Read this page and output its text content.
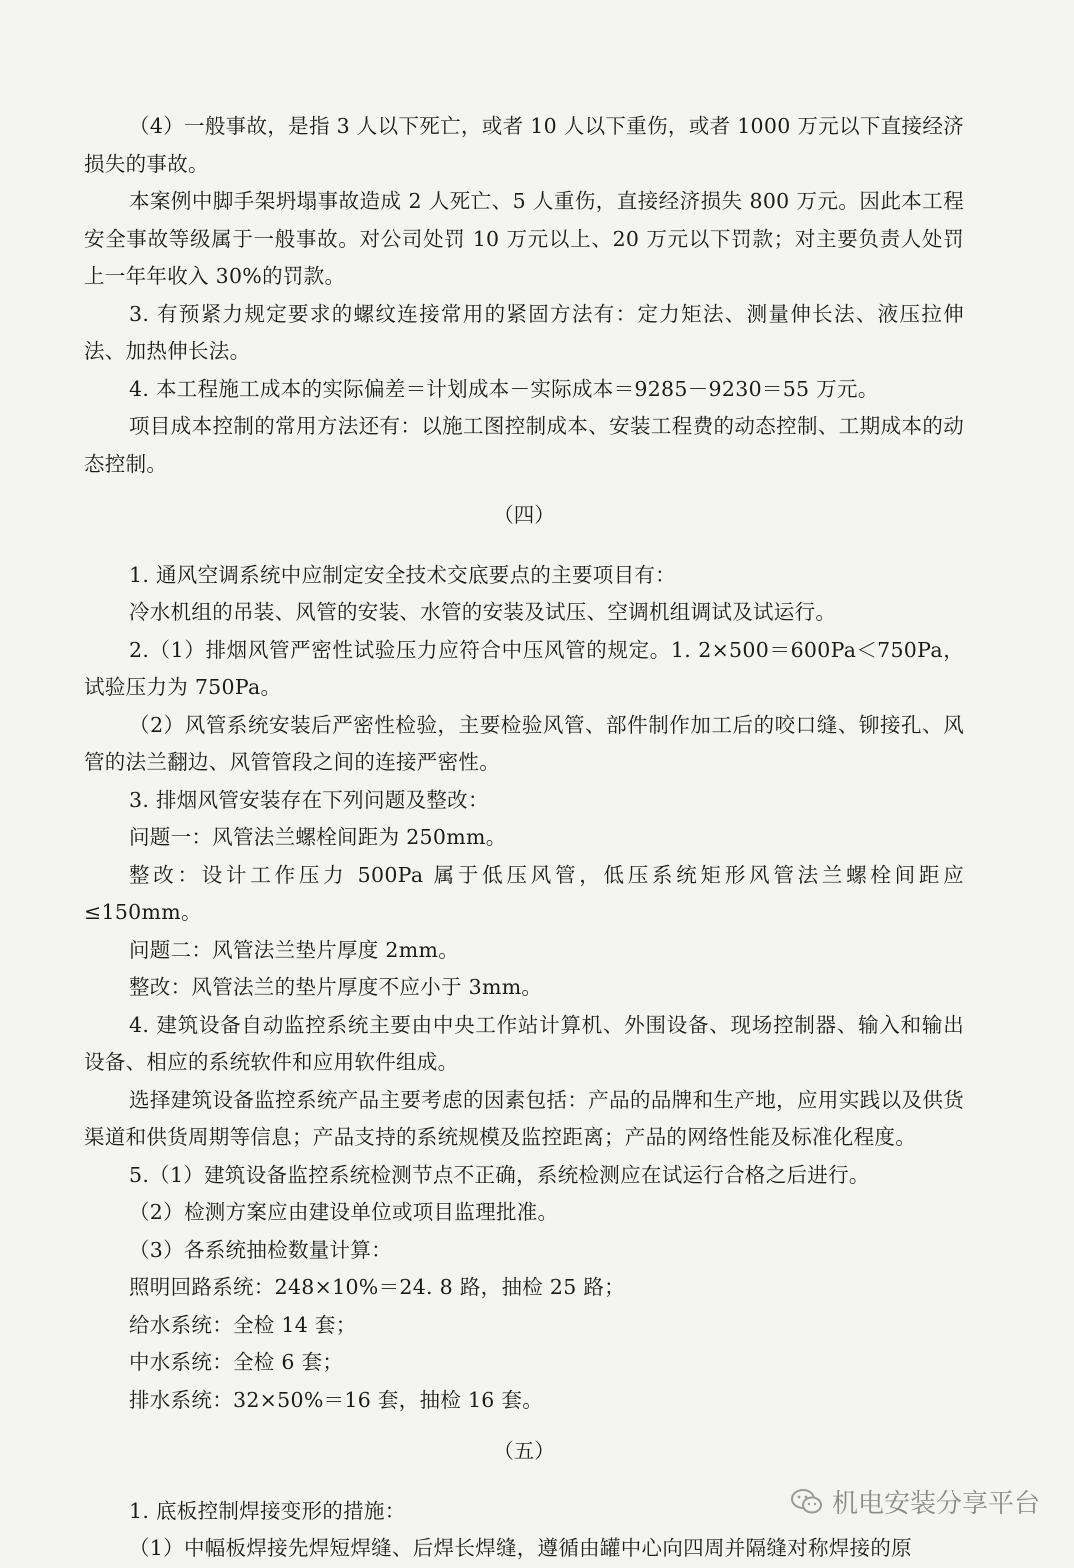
（4）一般事故，是指 3 人以下死亡，或者 10 人以下重伤，或者 1000 万元以下直接经济损失的事故。

本案例中脚手架坍塌事故造成 2 人死亡、5 人重伤，直接经济损失 800 万元。因此本工程安全事故等级属于一般事故。对公司处罚 10 万元以上、20 万元以下罚款；对主要负责人处罚上一年年收入 30%的罚款。

3. 有预紧力规定要求的螺纹连接常用的紧固方法有：定力矩法、测量伸长法、液压拉伸法、加热伸长法。

4. 本工程施工成本的实际偏差＝计划成本－实际成本＝9285－9230＝55 万元。

项目成本控制的常用方法还有：以施工图控制成本、安装工程费的动态控制、工期成本的动态控制。

（四）

1. 通风空调系统中应制定安全技术交底要点的主要项目有：

冷水机组的吊装、风管的安装、水管的安装及试压、空调机组调试及试运行。

2.（1）排烟风管严密性试验压力应符合中压风管的规定。1. 2×500＝600Pa＜750Pa，试验压力为 750Pa。

（2）风管系统安装后严密性检验，主要检验风管、部件制作加工后的咬口缝、铆接孔、风管的法兰翻边、风管管段之间的连接严密性。

3. 排烟风管安装存在下列问题及整改：

问题一：风管法兰螺栓间距为 250mm。

整改：设计工作压力 500Pa 属于低压风管，低压系统矩形风管法兰螺栓间距应≤150mm。

问题二：风管法兰垫片厚度 2mm。

整改：风管法兰的垫片厚度不应小于 3mm。

4. 建筑设备自动监控系统主要由中央工作站计算机、外围设备、现场控制器、输入和输出设备、相应的系统软件和应用软件组成。

选择建筑设备监控系统产品主要考虑的因素包括：产品的品牌和生产地，应用实践以及供货渠道和供货周期等信息；产品支持的系统规模及监控距离；产品的网络性能及标准化程度。

5.（1）建筑设备监控系统检测节点不正确，系统检测应在试运行合格之后进行。

（2）检测方案应由建设单位或项目监理批准。

（3）各系统抽检数量计算：

照明回路系统：248×10%＝24. 8 路，抽检 25 路；

给水系统：全检 14 套；

中水系统：全检 6 套；

排水系统：32×50%＝16 套，抽检 16 套。

（五）

1. 底板控制焊接变形的措施：

（1）中幅板焊接先焊短焊缝、后焊长焊缝，遵循由罐中心向四周并隔缝对称焊接的原

机电安装分享平台
